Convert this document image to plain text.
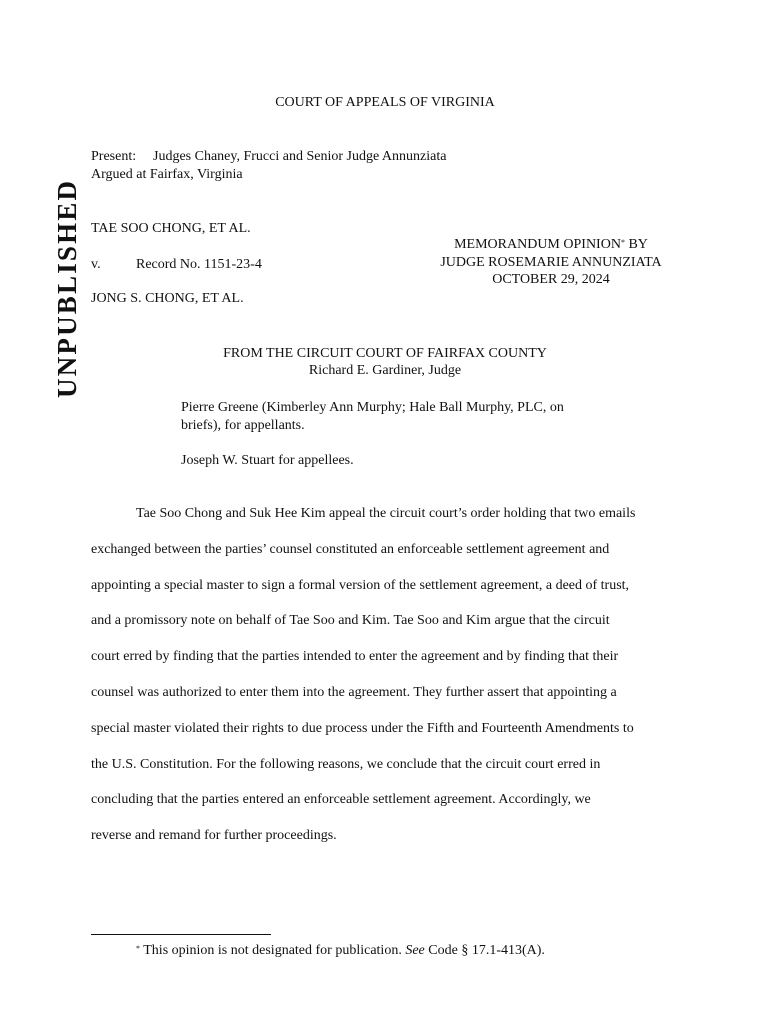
UNPUBLISHED
COURT OF APPEALS OF VIRGINIA
Present: Judges Chaney, Frucci and Senior Judge Annunziata
Argued at Fairfax, Virginia
TAE SOO CHONG, ET AL.
v.	Record No. 1151-23-4
JONG S. CHONG, ET AL.
MEMORANDUM OPINION* BY
JUDGE ROSEMARIE ANNUNZIATA
OCTOBER 29, 2024
FROM THE CIRCUIT COURT OF FAIRFAX COUNTY
Richard E. Gardiner, Judge
Pierre Greene (Kimberley Ann Murphy; Hale Ball Murphy, PLC, on
briefs), for appellants.
Joseph W. Stuart for appellees.
Tae Soo Chong and Suk Hee Kim appeal the circuit court’s order holding that two emails
exchanged between the parties’ counsel constituted an enforceable settlement agreement and
appointing a special master to sign a formal version of the settlement agreement, a deed of trust,
and a promissory note on behalf of Tae Soo and Kim. Tae Soo and Kim argue that the circuit
court erred by finding that the parties intended to enter the agreement and by finding that their
counsel was authorized to enter them into the agreement. They further assert that appointing a
special master violated their rights to due process under the Fifth and Fourteenth Amendments to
the U.S. Constitution. For the following reasons, we conclude that the circuit court erred in
concluding that the parties entered an enforceable settlement agreement. Accordingly, we
reverse and remand for further proceedings.
* This opinion is not designated for publication. See Code § 17.1-413(A).
